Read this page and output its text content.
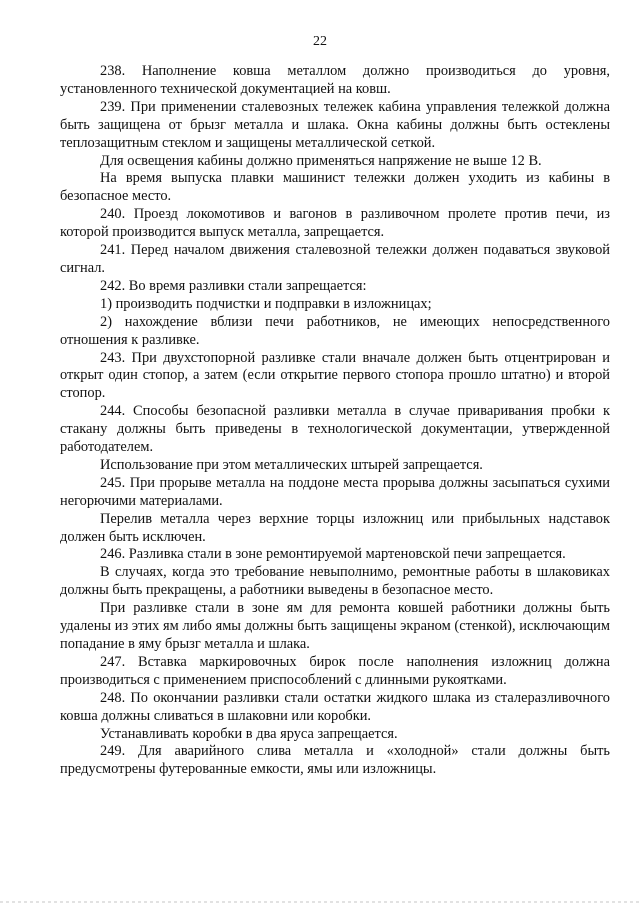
22

238. Наполнение ковша металлом должно производиться до уровня, установленного технической документацией на ковш.

239. При применении сталевозных тележек кабина управления тележкой должна быть защищена от брызг металла и шлака. Окна кабины должны быть остеклены теплозащитным стеклом и защищены металлической сеткой.

Для освещения кабины должно применяться напряжение не выше 12 В.

На время выпуска плавки машинист тележки должен уходить из кабины в безопасное место.

240. Проезд локомотивов и вагонов в разливочном пролете против печи, из которой производится выпуск металла, запрещается.

241. Перед началом движения сталевозной тележки должен подаваться звуковой сигнал.

242. Во время разливки стали запрещается:

1) производить подчистки и подправки в изложницах;

2) нахождение вблизи печи работников, не имеющих непосредственного отношения к разливке.

243. При двухстопорной разливке стали вначале должен быть отцентрирован и открыт один стопор, а затем (если открытие первого стопора прошло штатно) и второй стопор.

244. Способы безопасной разливки металла в случае приваривания пробки к стакану должны быть приведены в технологической документации, утвержденной работодателем.

Использование при этом металлических штырей запрещается.

245. При прорыве металла на поддоне места прорыва должны засыпаться сухими негорючими материалами.

Перелив металла через верхние торцы изложниц или прибыльных надставок должен быть исключен.

246. Разливка стали в зоне ремонтируемой мартеновской печи запрещается.

В случаях, когда это требование невыполнимо, ремонтные работы в шлаковиках должны быть прекращены, а работники выведены в безопасное место.

При разливке стали в зоне ям для ремонта ковшей работники должны быть удалены из этих ям либо ямы должны быть защищены экраном (стенкой), исключающим попадание в яму брызг металла и шлака.

247. Вставка маркировочных бирок после наполнения изложниц должна производиться с применением приспособлений с длинными рукоятками.

248. По окончании разливки стали остатки жидкого шлака из сталеразливочного ковша должны сливаться в шлаковни или коробки.

Устанавливать коробки в два яруса запрещается.

249. Для аварийного слива металла и «холодной» стали должны быть предусмотрены футерованные емкости, ямы или изложницы.
